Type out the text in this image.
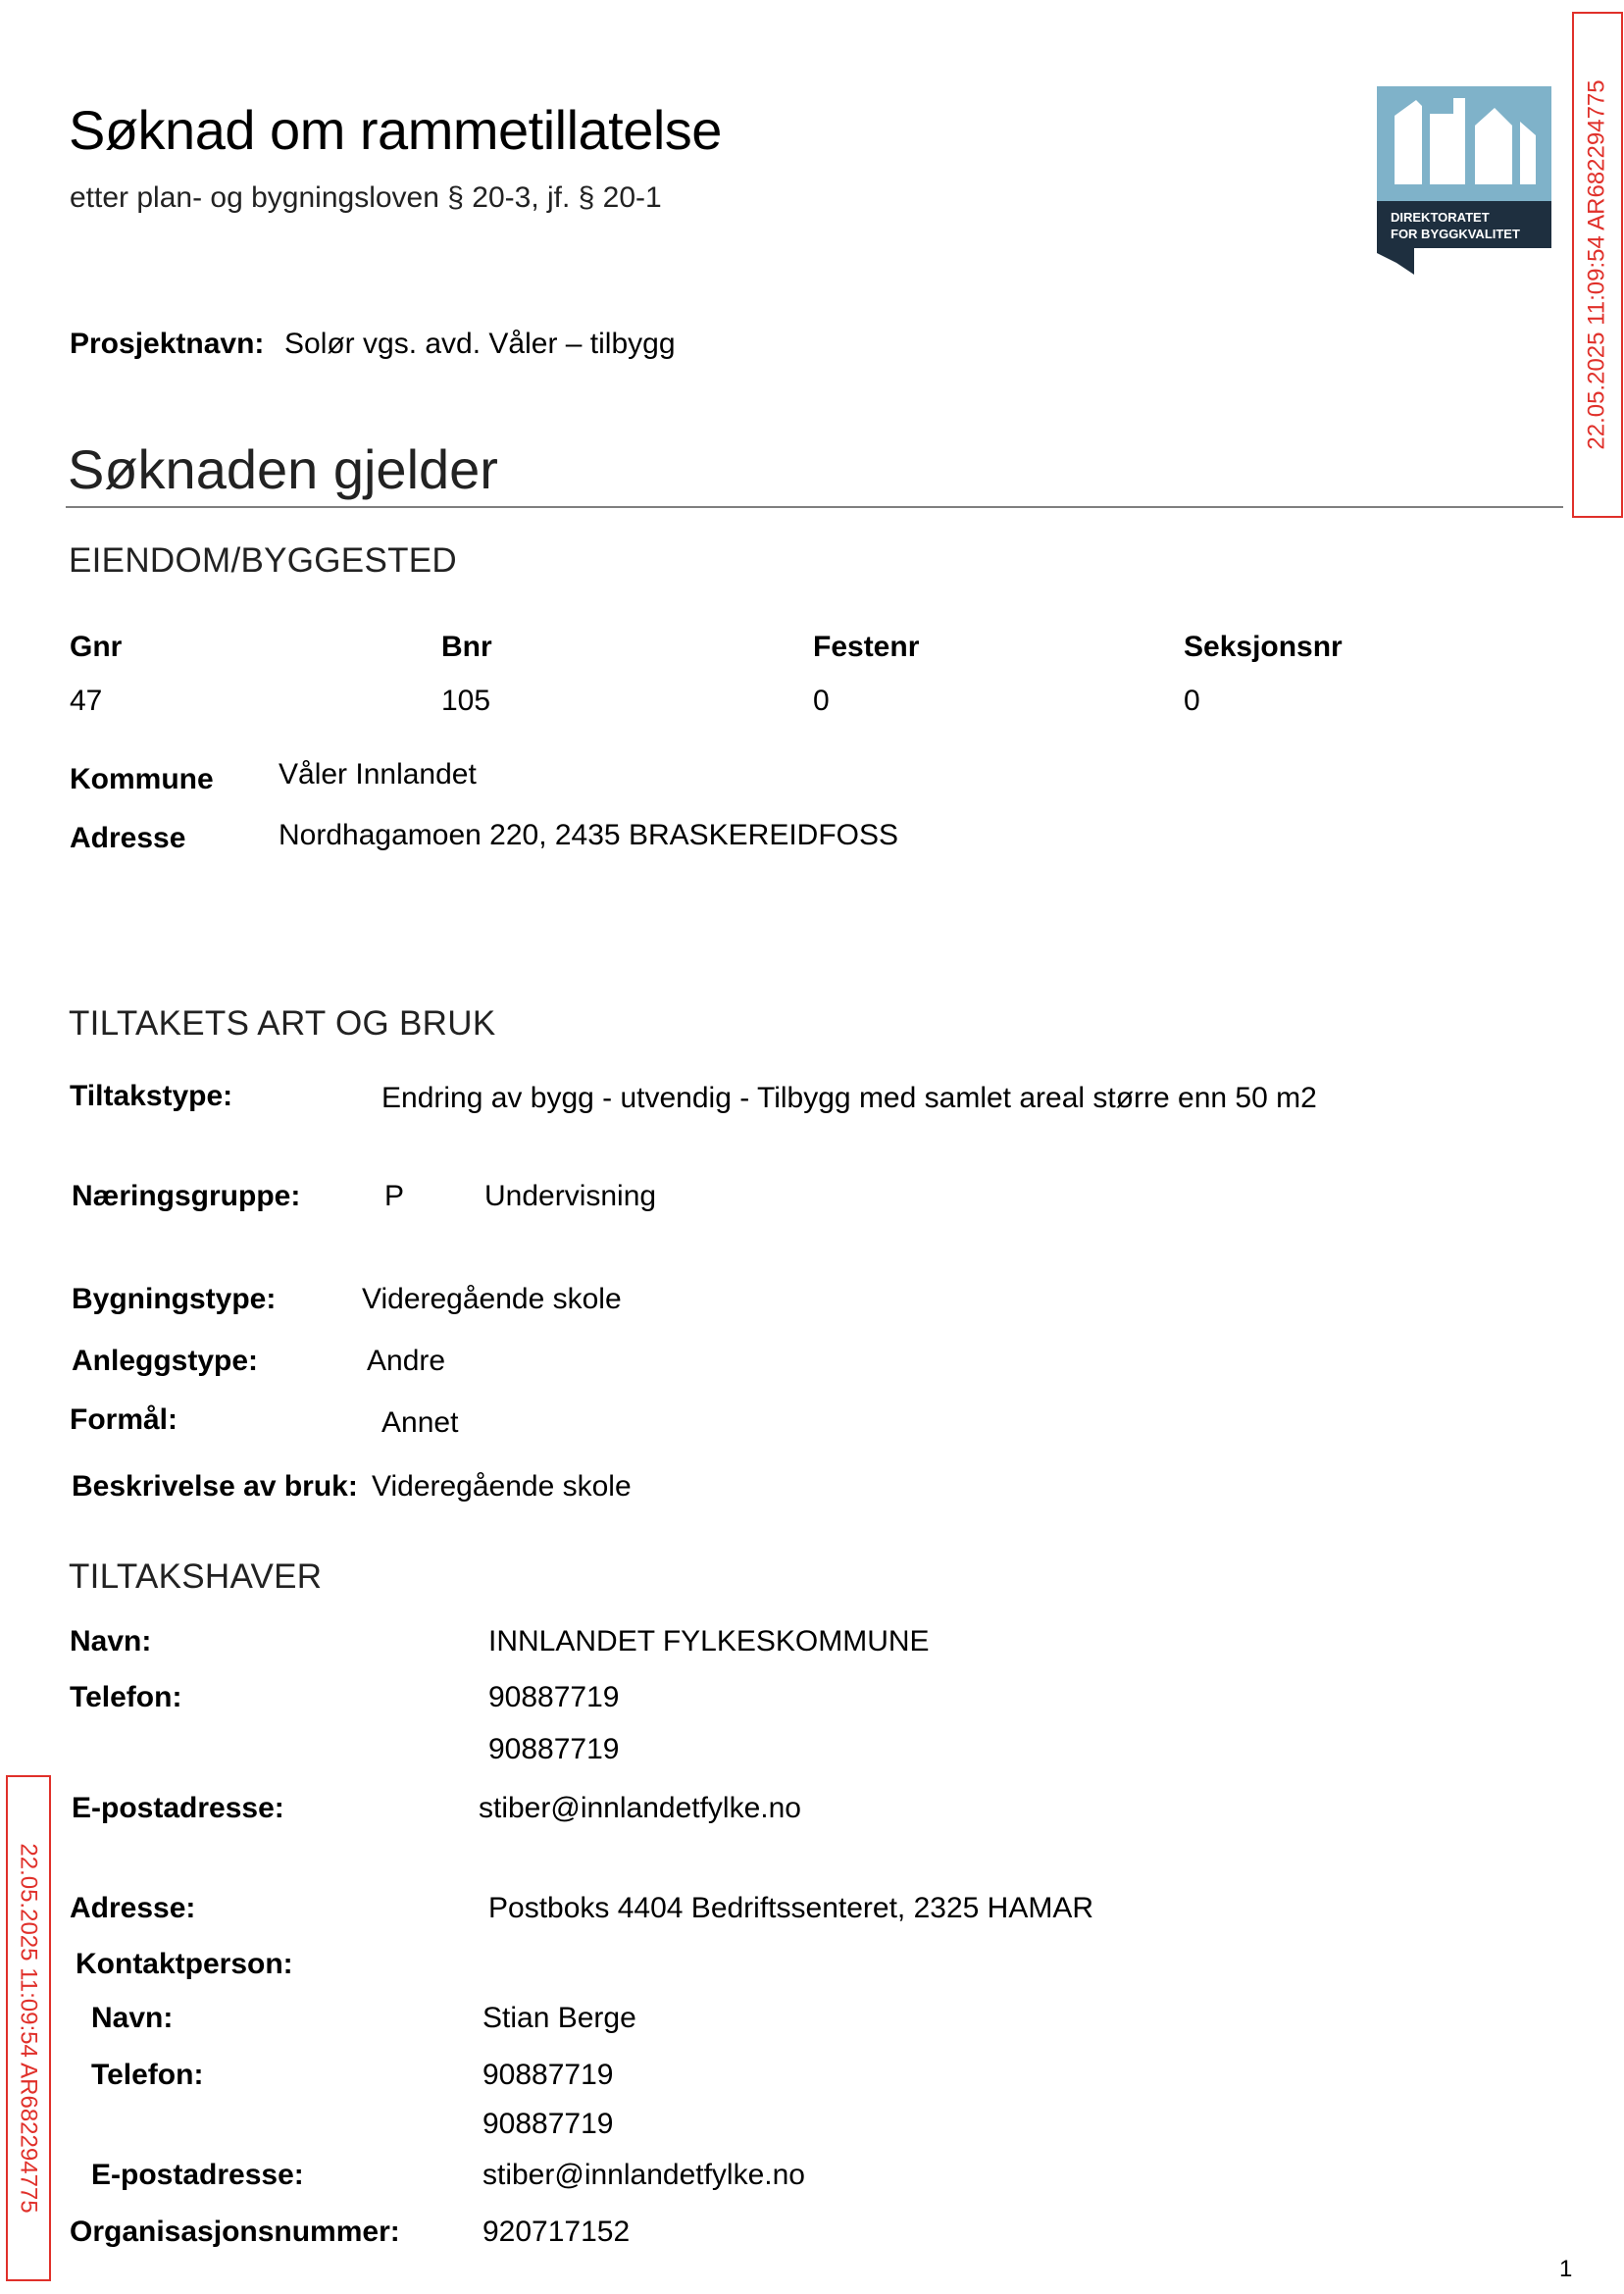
Søknad om rammetillatelse
etter plan- og bygningsloven § 20-3, jf. § 20-1
Prosjektnavn: Solør vgs. avd. Våler – tilbygg
DIREKTORATET
FOR BYGGKVALITET	22.05.2025 11:09:54 AR682294775
22.05.2025 11:09:54 AR682294775
Søknaden gjelder
EIENDOM/BYGGESTED
Gnr	Bnr	Festenr	Seksjonsnr
47	105	0	0
Kommune Våler Innlandet
Adresse	Nordhagamoen 220, 2435 BRASKEREIDFOSS
TILTAKETS ART OG BRUK
Tiltakstype:	Endring av bygg - utvendig - Tilbygg med samlet areal større enn 50 m2
Næringsgruppe:	P	Undervisning
Bygningstype:	Videregående skole
Anleggstype:	Andre
Formål:	Annet
Beskrivelse av bruk: Videregående skole
TILTAKSHAVER
Navn:	INNLANDET FYLKESKOMMUNE
Telefon:	90887719
90887719
E-postadresse:	stiber@innlandetfylke.no
Adresse:	Postboks 4404 Bedriftssenteret, 2325 HAMAR
Kontaktperson:
Navn:	Stian Berge
Telefon:	90887719
90887719
E-postadresse:	stiber@innlandetfylke.no
Organisasjonsnummer:	920717152
1
